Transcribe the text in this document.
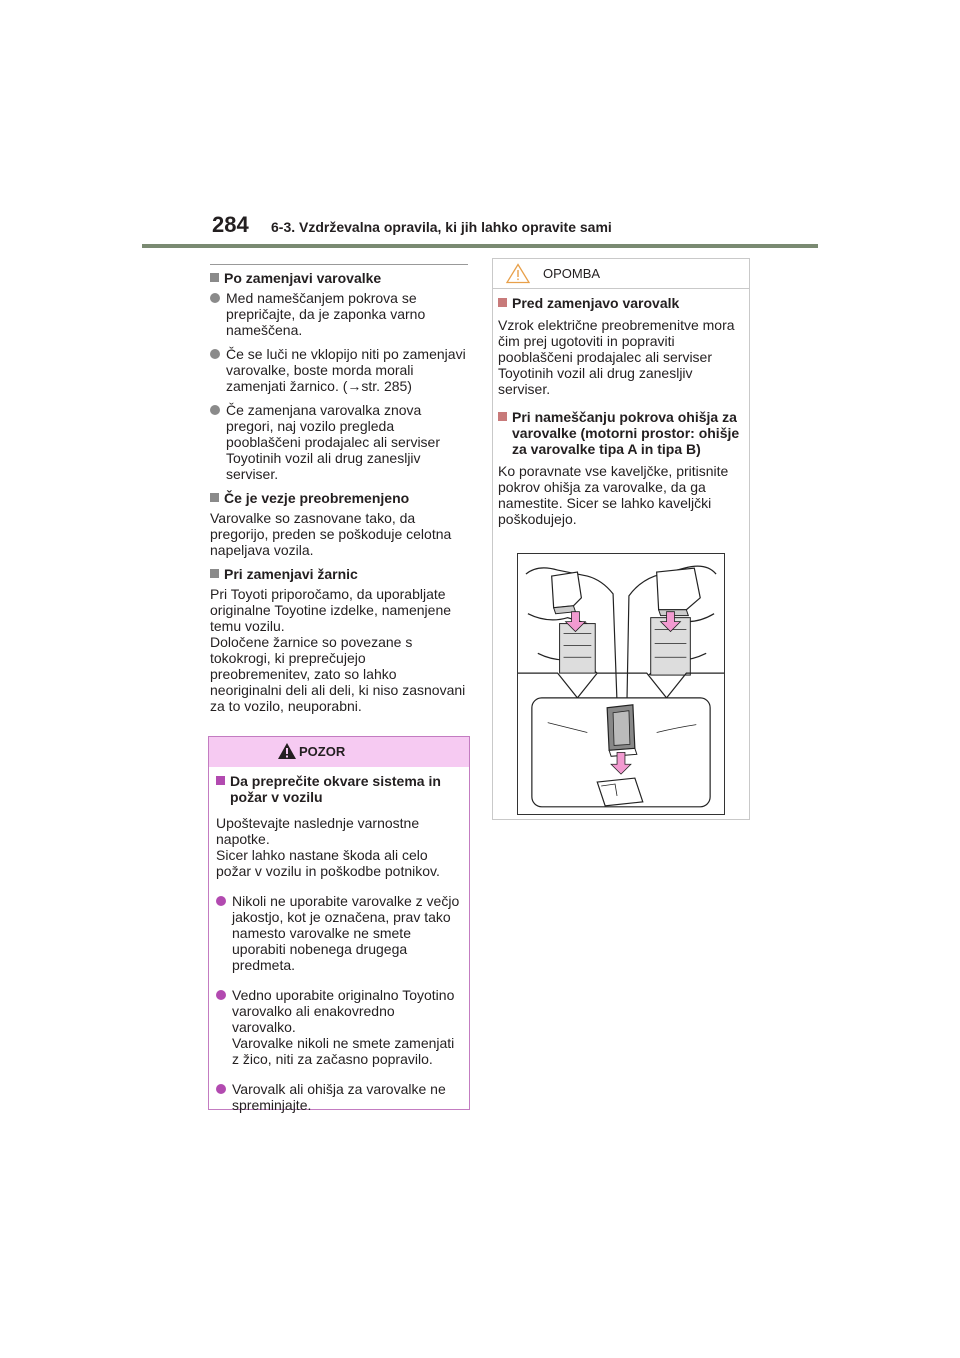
284 6-3. Vzdrževalna opravila, ki jih lahko opravite sami
Po zamenjavi varovalke
Med nameščanjem pokrova se prepričajte, da je zaponka varno nameščena.
Če se luči ne vklopijo niti po zamenjavi varovalke, boste morda morali zamenjati žarnico. (→str. 285)
Če zamenjana varovalka znova pregori, naj vozilo pregleda pooblaščeni prodajalec ali serviser Toyotinih vozil ali drug zanesljiv serviser.
Če je vezje preobremenjeno
Varovalke so zasnovane tako, da pregorijo, preden se poškoduje celotna napeljava vozila.
Pri zamenjavi žarnic
Pri Toyoti priporočamo, da uporabljate originalne Toyotine izdelke, namenjene temu vozilu.
Določene žarnice so povezane s tokokrogi, ki preprečujejo preobremenitev, zato so lahko neoriginalni deli ali deli, ki niso zasnovani za to vozilo, neuporabni.
POZOR
Da preprečite okvare sistema in požar v vozilu
Upoštevajte naslednje varnostne napotke.
Sicer lahko nastane škoda ali celo požar v vozilu in poškodbe potnikov.
Nikoli ne uporabite varovalke z večjo jakostjo, kot je označena, prav tako namesto varovalke ne smete uporabiti nobenega drugega predmeta.
Vedno uporabite originalno Toyotino varovalko ali enakovredno varovalko.
Varovalke nikoli ne smete zamenjati z žico, niti za začasno popravilo.
Varovalk ali ohišja za varovalke ne spreminjajte.
OPOMBA
Pred zamenjavo varovalk
Vzrok električne preobremenitve mora čim prej ugotoviti in popraviti pooblaščeni prodajalec ali serviser Toyotinih vozil ali drug zanesljiv serviser.
Pri nameščanju pokrova ohišja za varovalke (motorni prostor: ohišje za varovalke tipa A in tipa B)
Ko poravnate vse kaveljčke, pritisnite pokrov ohišja za varovalke, da ga namestite. Sicer se lahko kaveljčki poškodujejo.
